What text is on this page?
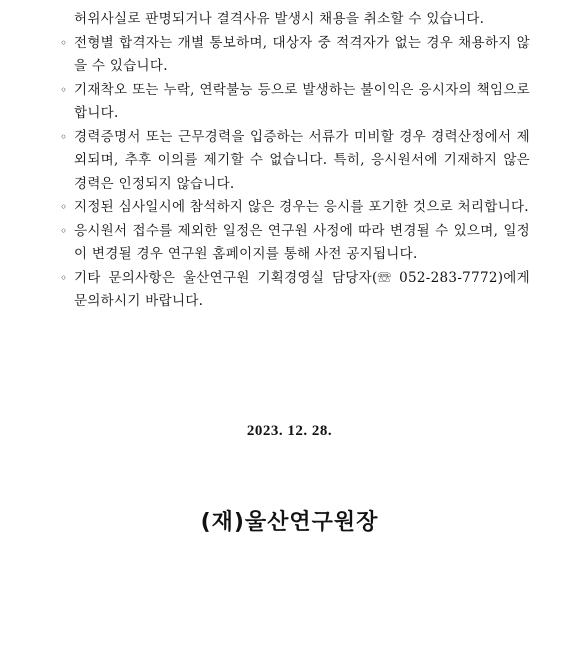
허위사실로 판명되거나 결격사유 발생시 채용을 취소할 수 있습니다.
◦ 전형별 합격자는 개별 통보하며, 대상자 중 적격자가 없는 경우 채용하지 않을 수 있습니다.
◦ 기재착오 또는 누락, 연락불능 등으로 발생하는 불이익은 응시자의 책임으로 합니다.
◦ 경력증명서 또는 근무경력을 입증하는 서류가 미비할 경우 경력산정에서 제외되며, 추후 이의를 제기할 수 없습니다. 특히, 응시원서에 기재하지 않은 경력은 인정되지 않습니다.
◦ 지정된 심사일시에 참석하지 않은 경우는 응시를 포기한 것으로 처리합니다.
◦ 응시원서 접수를 제외한 일정은 연구원 사정에 따라 변경될 수 있으며, 일정이 변경될 경우 연구원 홈페이지를 통해 사전 공지됩니다.
◦ 기타 문의사항은 울산연구원 기획경영실 담당자(☏ 052-283-7772)에게 문의하시기 바랍니다.
2023. 12. 28.
(재)울산연구원장
